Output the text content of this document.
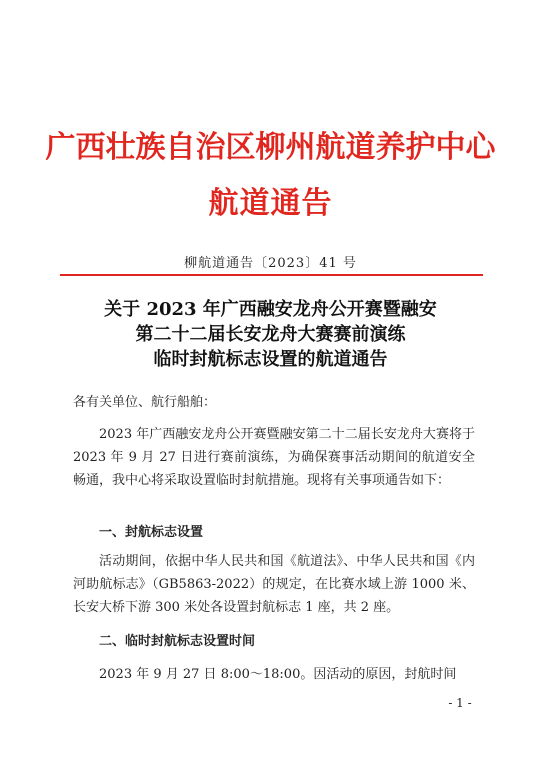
广西壮族自治区柳州航道养护中心
航道通告
柳航道通告〔2023〕41 号
关于 2023 年广西融安龙舟公开赛暨融安
第二十二届长安龙舟大赛赛前演练
临时封航标志设置的航道通告
各有关单位、航行船舶：
2023 年广西融安龙舟公开赛暨融安第二十二届长安龙舟大赛将于 2023 年 9 月 27 日进行赛前演练，为确保赛事活动期间的航道安全畅通，我中心将采取设置临时封航措施。现将有关事项通告如下：
一、封航标志设置
活动期间，依据中华人民共和国《航道法》、中华人民共和国《内河助航标志》（GB5863-2022）的规定，在比赛水域上游 1000 米、长安大桥下游 300 米处各设置封航标志 1 座，共 2 座。
二、临时封航标志设置时间
2023 年 9 月 27 日 8:00～18:00。因活动的原因，封航时间
- 1 -
